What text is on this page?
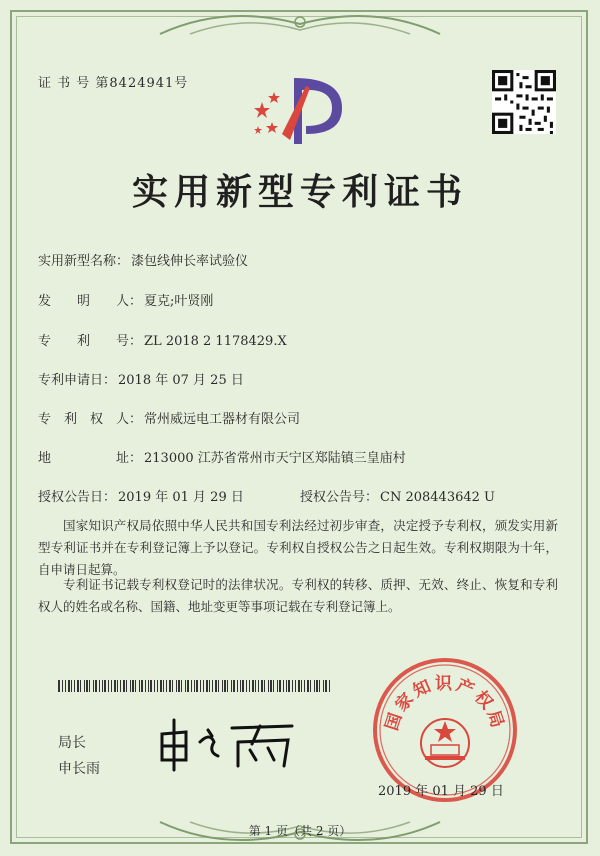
证 书 号 第8424941号
实用新型专利证书
实用新型名称： 漆包线伸长率试验仪
发　　明　　人： 夏克;叶贤刚
专　　利　　号： ZL 2018 2 1178429.X
专利申请日： 2018 年 07 月 25 日
专　利　权　人： 常州威远电工器材有限公司
地　　　　　址： 213000 江苏省常州市天宁区郑陆镇三皇庙村
授权公告日： 2019 年 01 月 29 日	授权公告号： CN 208443642 U
国家知识产权局依照中华人民共和国专利法经过初步审查，决定授予专利权，颁发实用新型专利证书并在专利登记簿上予以登记。专利权自授权公告之日起生效。专利权期限为十年，自申请日起算。
专利证书记载专利权登记时的法律状况。专利权的转移、质押、无效、终止、恢复和专利权人的姓名或名称、国籍、地址变更等事项记载在专利登记簿上。
局长
申长雨
国家知识产权局
2019 年 01 月 29 日
第 1 页（共 2 页）
